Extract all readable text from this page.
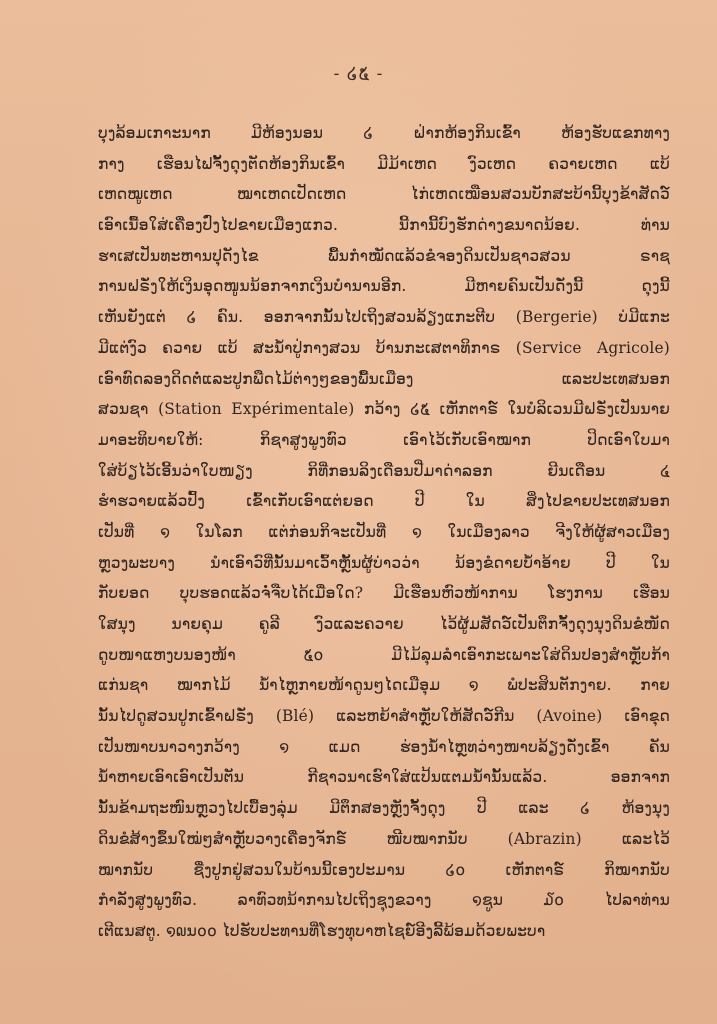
- ໒໕ -
ບຸງລ້ອມເກາະນາກ ມີຫ້ອງນອນ ໒ ຝ່າກຫ້ອງກິນເຂົ້າ ຫ້ອງຮັບແຂກທາງ
ກາງ ເຮືອນໄຟຈັ້ງດຸງຕັດຫ້ອງກິນເຂົ້າ ມີມ້າເຫດ ງົວເຫດ ຄວາຍເຫດ ແບ້
ເຫດໝູເຫດ ໝາເຫດເປັດເຫດ ໄກ່ເຫດເໝືອນສວນບັກສະບ້ານີ້ບຸງຂ້າສັດວ໌
ເອົາເນື້ອໃສ່ເຄື່ອງປົ່ງໄປຂາຍເມືອງແກວ. ນີ້ການີ້ບົງຮັກດ່າງຂນາດນ້ອຍ. ທ່ານ
ຮາເສເປັນທະຫານປຸດັງໄຂ ພື້ນກໍາໝັດແລ້ວຂໍຈອງດິນເປັນຊາວສວນ ຣາຊ
ການຝຣັ່ງໃຫ້ເງິນອຸດໜູນນ້ອກຈາກເງິນບໍານານອີກ. ມີຫາຍຄົນເປັນດັ່ງນີ້ ດຸງນີ້
ເຫັນຍັງແຕ່ ໒ ຄົນ. ອອກຈາກນັ້ນໄປເຖິງສວນລ້ຽງແກະຕີບ (Bergerie) ບ່ມີແກະ
ມີແຕ່ງົວ ຄວາຍ ແບ້ ສະນ້ຳປູ່ກາງສວນ ບ້ານກະເສຕາທິກາຣ (Service Agricole)
ເອົາທົດລອງດິດຕໍ່ແລະປູກພືດໄມ້ຕ່າງໆຂອງພື້ນເມືອງ ແລະປະເທສນອກ
ສວນຊາ (Station Expérimentale) ກວ້າງ ໒໕ ເຫັກຕາຣ໌ ໃນບໍລິເວນມີຝຣັ່ງເປັນນາຍ
ມາອະທິບາຍໃຫ້: ກິຊາສູງພູງທົວ ເອົາໄວ້ເກັບເອົາໝາກ ປິດເອົາໃບມາ
ໃສ່ບ້ຽໄວ້ເອີ້ນວ່າໃບໜຽງ ກິທີ່ກອນລິງເດືອນປີ່ມາດ່າລອກ ຍີນເດືອນ ໔
ຮໍາຮວາຍແລ້ວປົ້ງ ເຂົ້າເກັບເອົາແຕ່ຍອດ ປີ ໃນ ສິ່ງໄປຂາຍປະເທສນອກ
ເປັນທີ່ ໑ ໃນໂລກ ແຕ່ກ່ອນກິຈະເປັນທີ່ ໑ ໃນເມືອງລາວ ຈີງໃຫ້ຜູ້ສາວເມືອງ
ຫຼວງພະບາງ ນໍາເອົາວົທີ່ນັ້ນມາເວົ້າຫຼັ້ນຜູ້ບ່າວວ່າ ນ້ອງຂໍດາຍບ້ຳອ້າຍ ປີ ໃນ
ກັບຍອດ ບຸບຮອດແລ້ວຈໍ່ຈືບໄດ້ເມື່ອໃດ? ມີເຮືອນຫົວໜ້າການ ໂຮງການ ເຮືອນ
ໃສນຸງ ນາຍຄຸມ ຄູລີ ງົວແລະຄວາຍ ໄວ້ຜູ້ມສັດວ໌ເປັນຕຶກຈັ້ງດຸງນຸງດິນຂໍໜັດ
ດູບໜາແຫງບນອງໜ້າ ໕໐ ມີໄມ້ລຸມລໍາເອົາກະເພາະໃສ່ດິນປອງສໍາຫຼັບກ້າ
ແກ່ນຊາ ໝາກໄມ້ ນ້ຳໄຫຼກາຍໜ້າດູນໆໄດເມືອຸມ ໑ ພໍປະສິນຕັກງາຍ. ກາຍ
ນັ້ນໄປດູສວນປູກເຂົ້າຝຣັ່ງ (Blé) ແລະຫຍ້າສໍາຫຼັບໃຫ້ສັດວ໌ກີນ (Avoine) ເອົາຂຸດ
ເປັນໜາບນາວາງກວ້າງ ໑ ແມດ ຮ່ອງນ້ຳໄຫຼທວ່າງໜາບລ້ຽງດັ່ງເຂົ້າ ຄັນ
ນ້ຳຫາຍເອົາເອົາເປັນຕັນ ກີຊາວນາເຮົາໃສ່ແປ້ນແຕມນ້ຳນັ້ນແລ້ວ. ອອກຈາກ
ນັ້ນຂ້າມຖະໜົນຫຼວງໄປເບື້ອງລຸ່ມ ມີຕຶກສອງຫຼັງຈັ້ງດຸງ ປີ ແລະ ໒ ຫ້ອງນຸງ
ດິນຂໍສ້າງຂຶ້ນໃໝ່ໆສໍາຫຼັບວາງເຄື່ອງຈັກຣ໌ ໜີບໝາກນັບ (Abrazin) ແລະໄວ້
ໝາກນັບ ຊື່ງປູກຢູ່ສວນໃນບ້ານນີ້ເອງປະມານ ໒໐ ເຫັກຕາຣ໌ ກິໝາກນັບ
ກໍາລັງສູງພູງທົວ. ລາທົວທນ້າການໄປເຖິງຊຸງຂວາງ ໑ຊູນ ໓໐ ໄປລາທ່ານ
ເຕີແນສຕູ. ໑໙ນ໐໐ ໄປຮັບປະທານທີ່ໂຮງທຸບາຫໄຊຍ໌ອີງລີ້ພ້ອມດ້ວຍພະບາ
